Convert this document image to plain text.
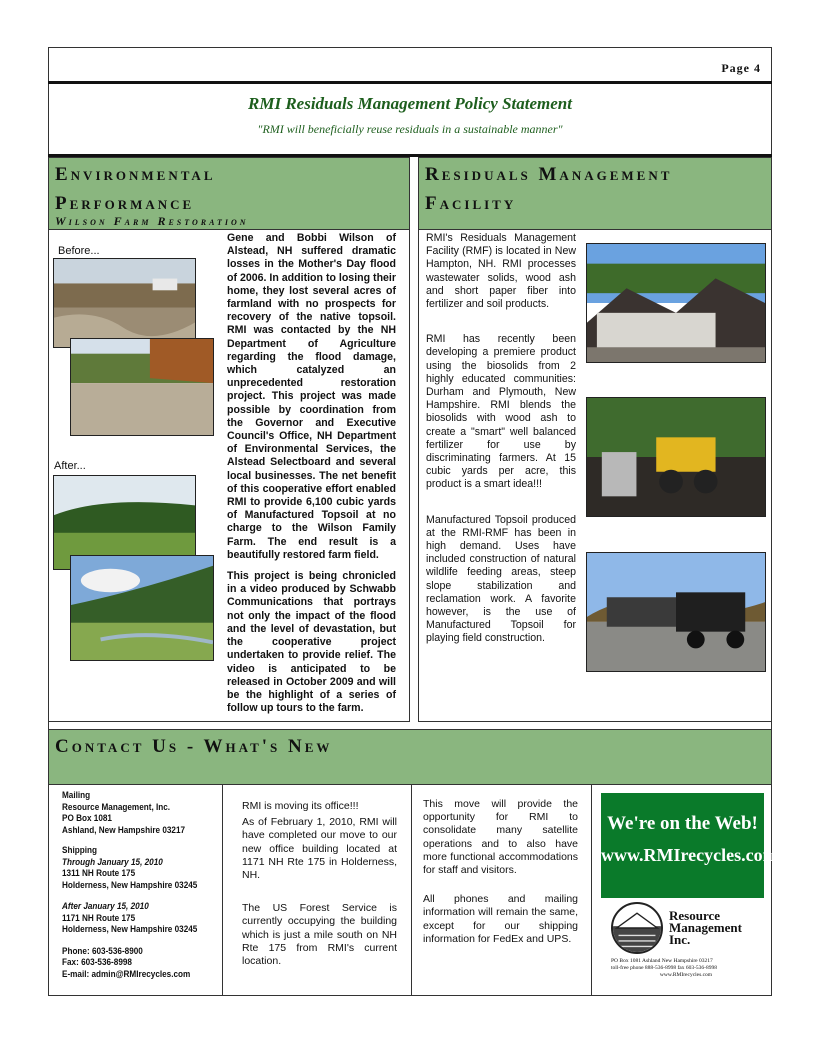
Page 4
RMI Residuals Management Policy Statement
"RMI will beneficially reuse residuals in a sustainable manner"
Environmental
Performance
Wilson Farm Restoration
Residuals Management
Facility
Before...
After...

Gene and Bobbi Wilson of Alstead, NH suffered dramatic losses in the Mother's Day flood of 2006. In addition to losing their home, they lost several acres of farmland with no prospects for recovery of the native topsoil. RMI was contacted by the NH Department of Agriculture regarding the flood damage, which catalyzed an unprecedented restoration project. This project was made possible by coordination from the Governor and Executive Council's Office, NH Department of Environmental Services, the Alstead Selectboard and several local businesses. The net benefit of this cooperative effort enabled RMI to provide 6,100 cubic yards of Manufactured Topsoil at no charge to the Wilson Family Farm. The end result is a beautifully restored farm field.

This project is being chronicled in a video produced by Schwabb Communications that portrays not only the impact of the flood and the level of devastation, but the cooperative project undertaken to provide relief. The video is anticipated to be released in October 2009 and will be the highlight of a series of follow up tours to the farm.

RMI's Residuals Management Facility (RMF) is located in New Hampton, NH. RMI processes wastewater solids, wood ash and short paper fiber into fertilizer and soil products.

RMI has recently been developing a premiere product using the biosolids from 2 highly educated communities: Durham and Plymouth, New Hampshire. RMI blends the biosolids with wood ash to create a "smart" well balanced fertilizer for use by discriminating farmers. At 15 cubic yards per acre, this product is a smart idea!!!

Manufactured Topsoil produced at the RMI-RMF has been in high demand. Uses have included construction of natural wildlife feeding areas, steep slope stabilization and reclamation work. A favorite however, is the use of Manufactured Topsoil for playing field construction.

Contact Us - What's New
Mailing
Resource Management, Inc.
PO Box 1081
Ashland, New Hampshire 03217
Shipping
Through January 15, 2010
1311 NH Route 175
Holderness, New Hampshire 03245
After January 15, 2010
1171 NH Route 175
Holderness, New Hampshire 03245
Phone: 603-536-8900
Fax: 603-536-8998
E-mail: admin@RMIrecycles.com

RMI is moving its office!!!

As of February 1, 2010, RMI will have completed our move to our new office building located at 1171 NH Rte 175 in Holderness, NH.

The US Forest Service is currently occupying the building which is just a mile south on NH Rte 175 from RMI's current location.

This move will provide the opportunity for RMI to consolidate many satellite operations and to also have more functional accommodations for staff and visitors.

All phones and mailing information will remain the same, except for our shipping information for FedEx and UPS.

We're on the Web!
www.RMIrecycles.com
Resource
Management
Inc.
PO Box 1081 Ashland New Hampshire 03217
toll-free phone 888-536-8998 fax 603-536-8998
www.RMIrecycles.com
